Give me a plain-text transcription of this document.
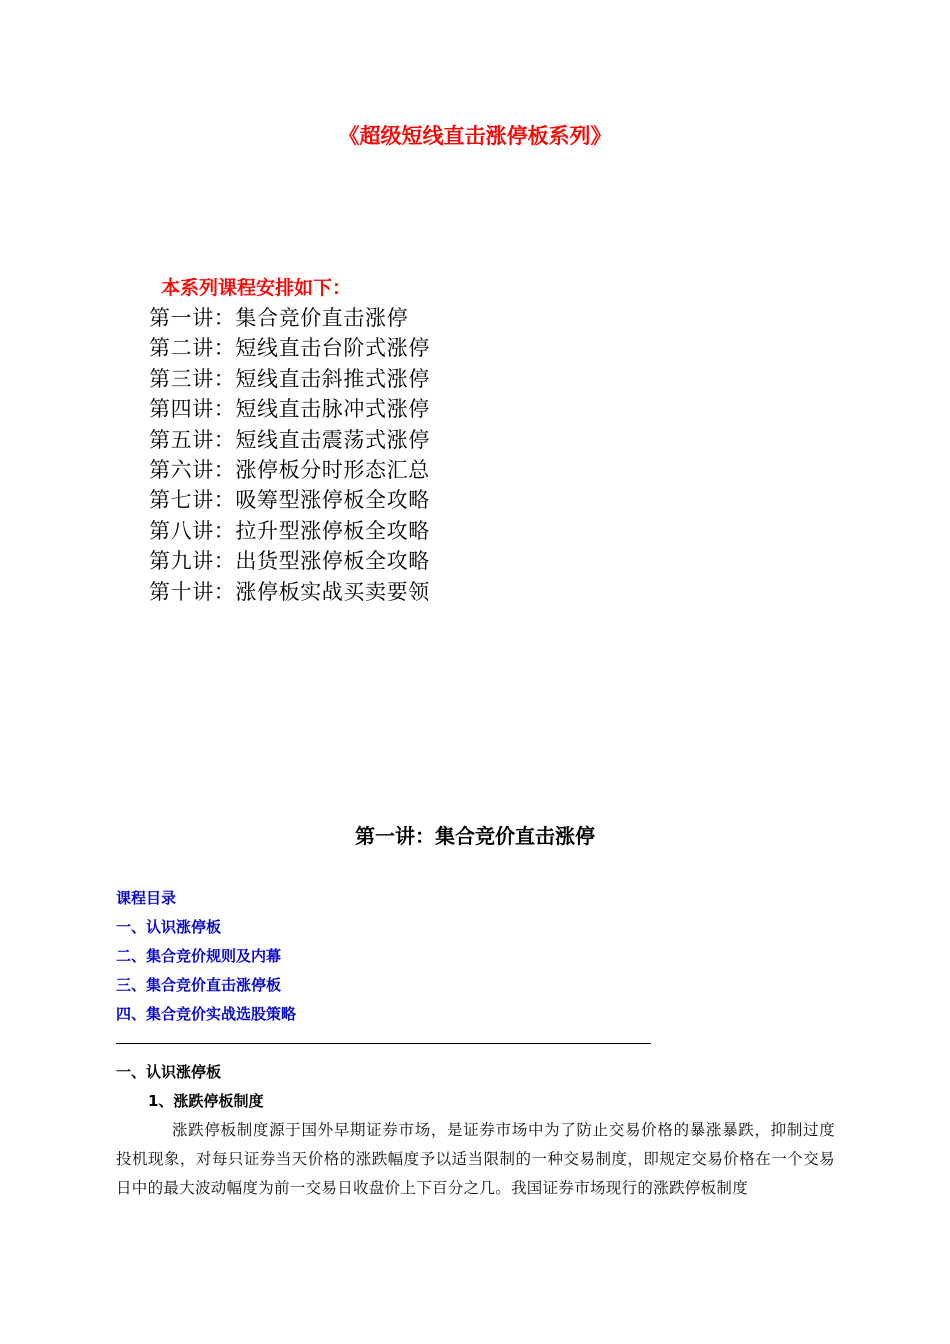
《超级短线直击涨停板系列》
本系列课程安排如下：
第一讲：集合竞价直击涨停
第二讲：短线直击台阶式涨停
第三讲：短线直击斜推式涨停
第四讲：短线直击脉冲式涨停
第五讲：短线直击震荡式涨停
第六讲：涨停板分时形态汇总
第七讲：吸筹型涨停板全攻略
第八讲：拉升型涨停板全攻略
第九讲：出货型涨停板全攻略
第十讲：涨停板实战买卖要领
第一讲：集合竞价直击涨停
课程目录
一、认识涨停板
二、集合竞价规则及内幕
三、集合竞价直击涨停板
四、集合竞价实战选股策略
一、认识涨停板
1、涨跌停板制度

涨跌停板制度源于国外早期证券市场，是证券市场中为了防止交易价格的暴涨暴跌，抑制过度投机现象，对每只证券当天价格的涨跌幅度予以适当限制的一种交易制度，即规定交易价格在一个交易日中的最大波动幅度为前一交易日收盘价上下百分之几。我国证券市场现行的涨跌停板制度
